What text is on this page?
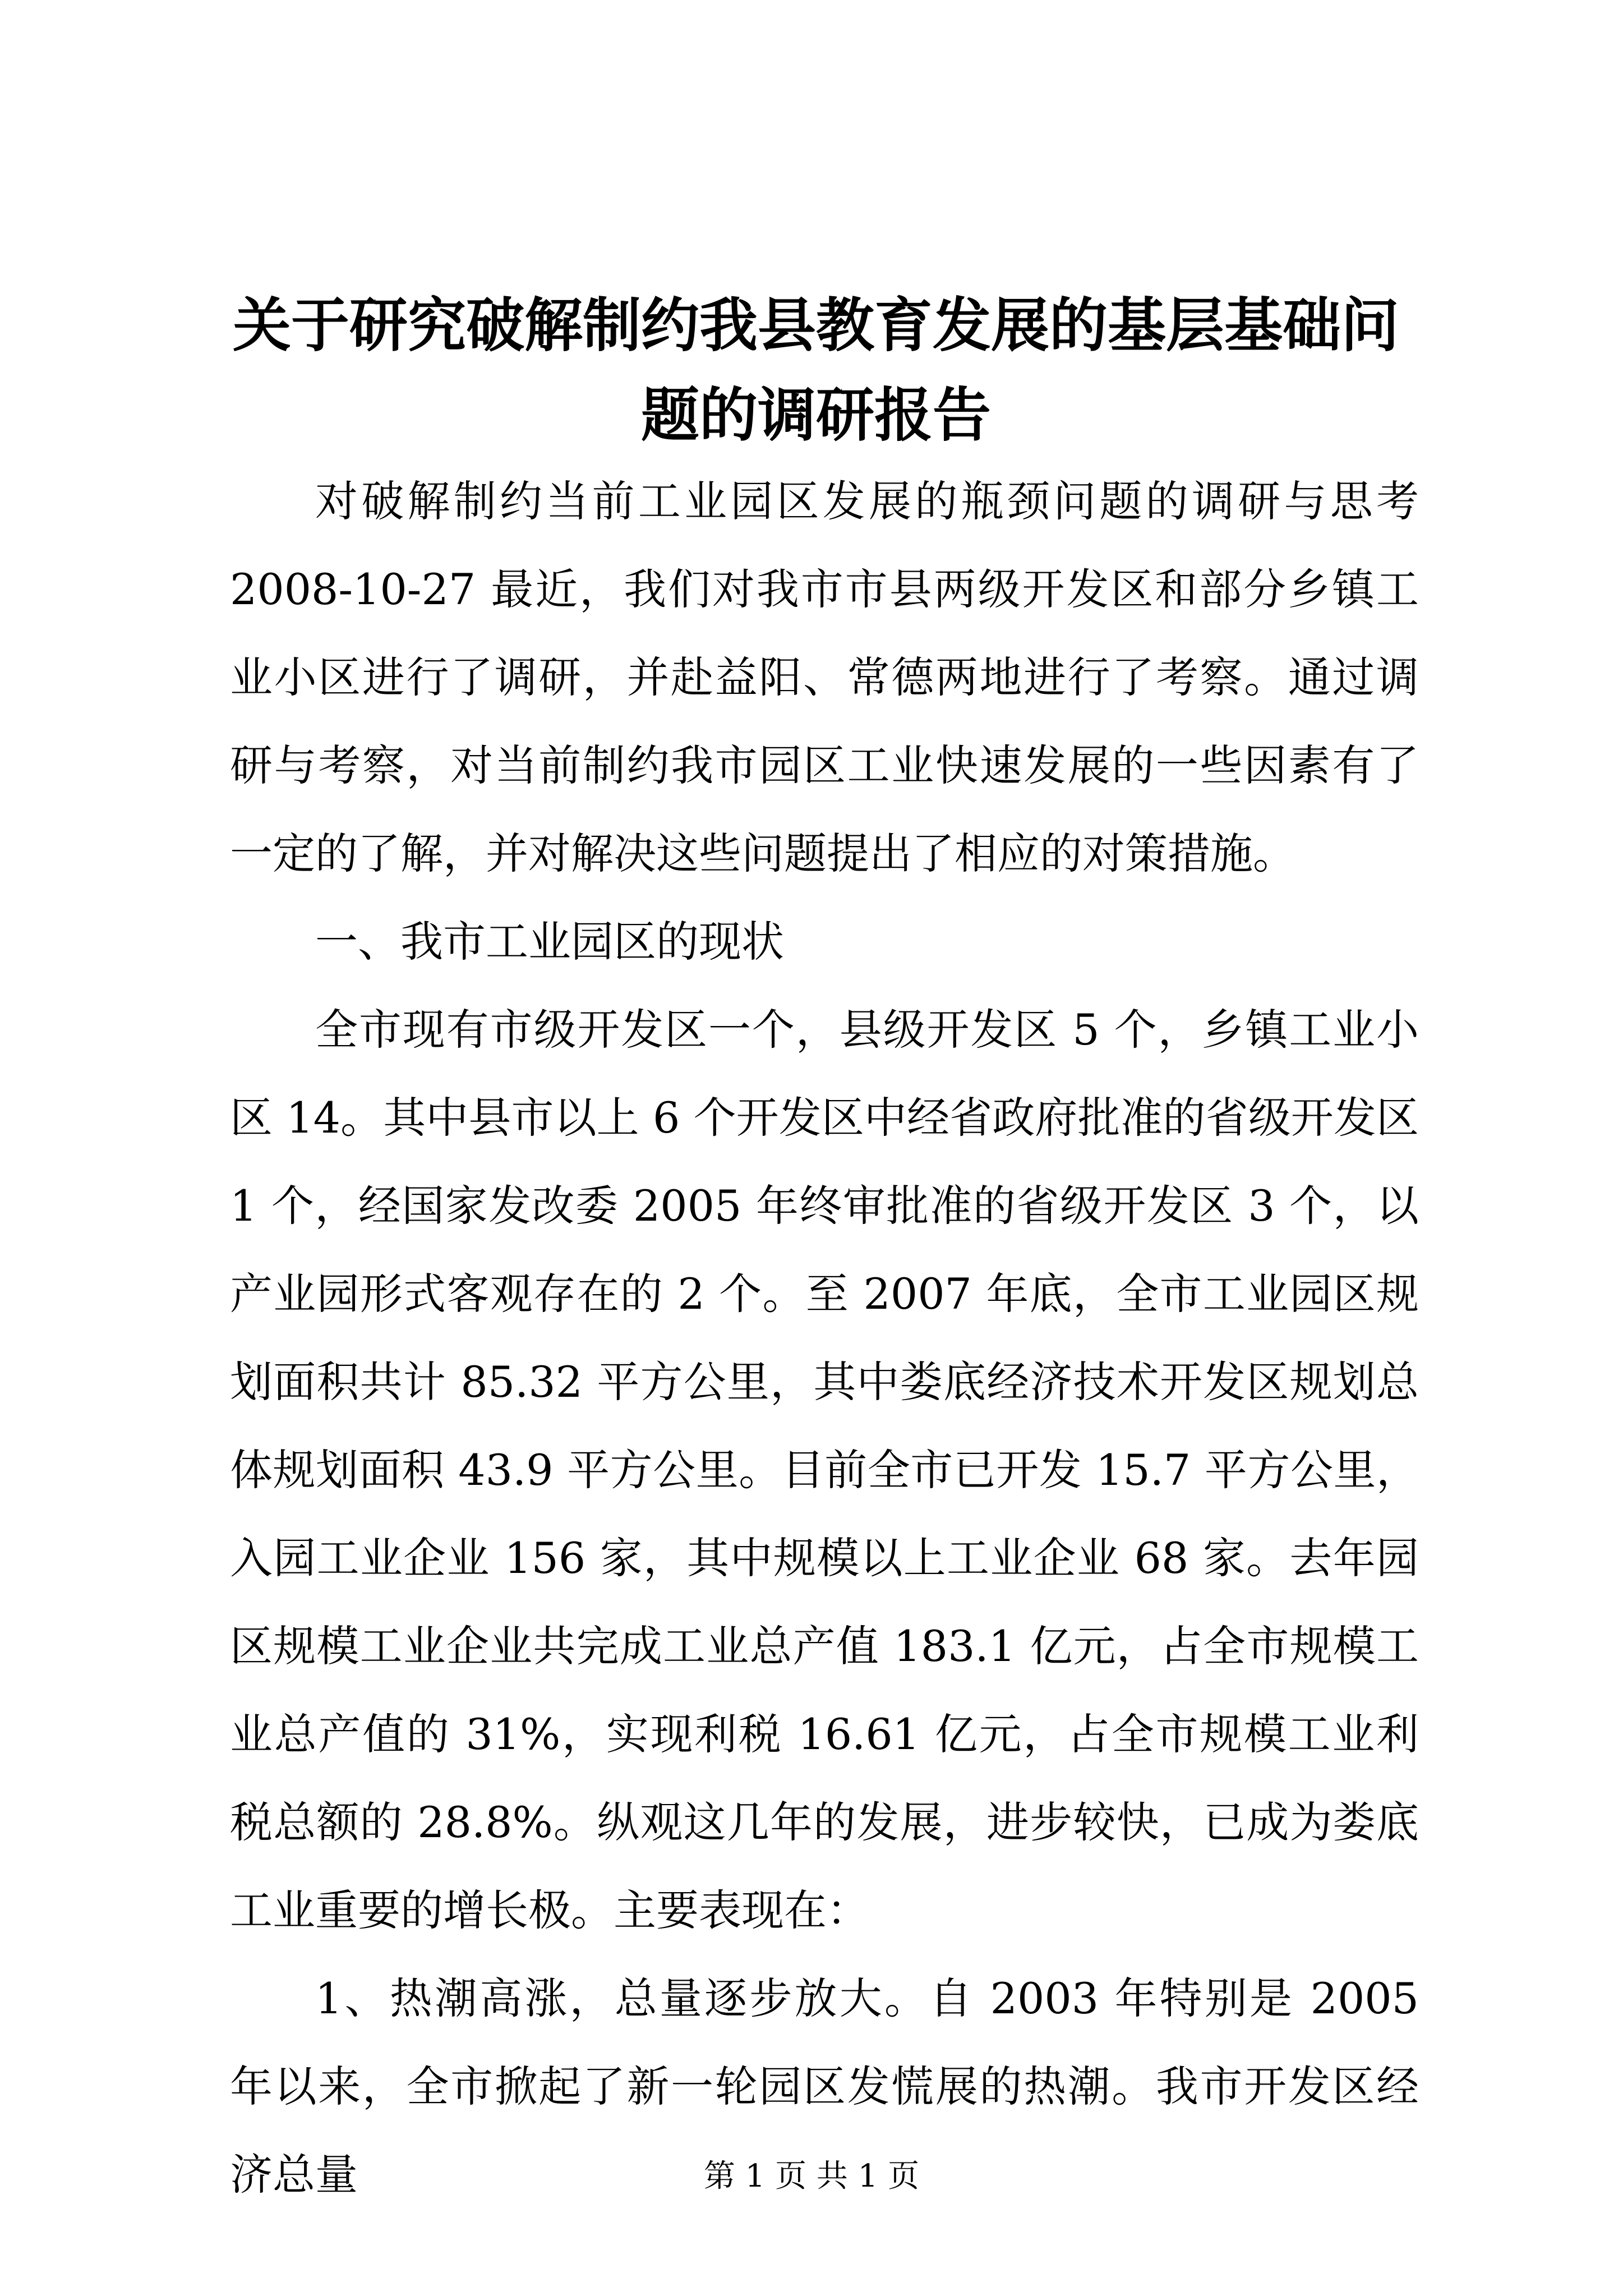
关于研究破解制约我县教育发展的基层基础问题的调研报告

对破解制约当前工业园区发展的瓶颈问题的调研与思考 2008-10-27 最近，我们对我市市县两级开发区和部分乡镇工业小区进行了调研，并赴益阳、常德两地进行了考察。通过调研与考察，对当前制约我市园区工业快速发展的一些因素有了一定的了解，并对解决这些问题提出了相应的对策措施。

一、我市工业园区的现状

全市现有市级开发区一个，县级开发区 5 个，乡镇工业小区 14。其中县市以上 6 个开发区中经省政府批准的省级开发区 1 个，经国家发改委 2005 年终审批准的省级开发区 3 个，以产业园形式客观存在的 2 个。至 2007 年底，全市工业园区规划面积共计 85.32 平方公里，其中娄底经济技术开发区规划总体规划面积 43.9 平方公里。目前全市已开发 15.7 平方公里，入园工业企业 156 家，其中规模以上工业企业 68 家。去年园区规模工业企业共完成工业总产值 183.1 亿元，占全市规模工业总产值的 31%，实现利税 16.61 亿元，占全市规模工业利税总额的 28.8%。纵观这几年的发展，进步较快，已成为娄底工业重要的增长极。主要表现在：

1、热潮高涨，总量逐步放大。自 2003 年特别是 2005 年以来，全市掀起了新一轮园区发慌展的热潮。我市开发区经济总量	第 1 页 共 1 页
